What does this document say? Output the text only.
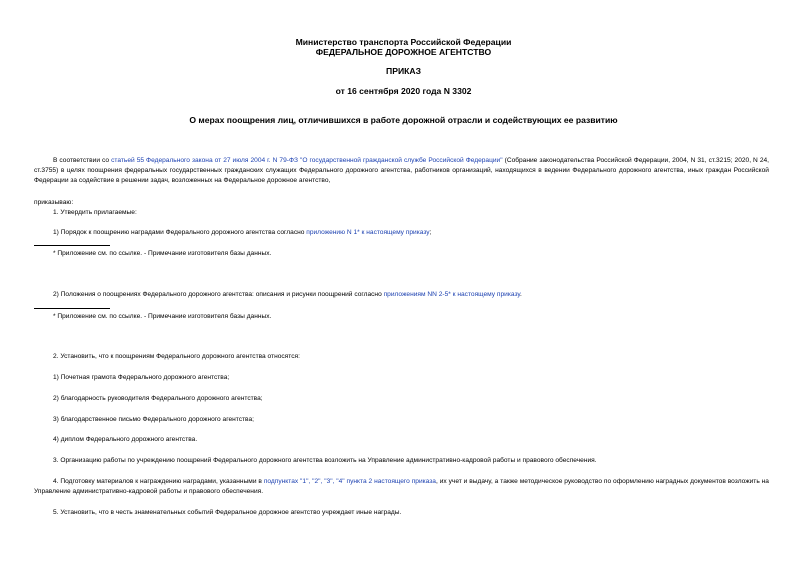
Министерство транспорта Российской Федерации
ФЕДЕРАЛЬНОЕ ДОРОЖНОЕ АГЕНТСТВО
ПРИКАЗ
от 16 сентября 2020 года N 3302
О мерах поощрения лиц, отличившихся в работе дорожной отрасли и содействующих ее развитию

В соответствии со статьей 55 Федерального закона от 27 июля 2004 г. N 79-ФЗ "О государственной гражданской службе Российской Федерации" (Собрание законодательства Российской Федерации, 2004, N 31, ст.3215; 2020, N 24, ст.3755) в целях поощрения федеральных государственных гражданских служащих Федерального дорожного агентства, работников организаций, находящихся в ведении Федерального дорожного агентства, иных граждан Российской Федерации за содействие в решении задач, возложенных на Федеральное дорожное агентство,

приказываю:

1. Утвердить прилагаемые:

1) Порядок к поощрению наградами Федерального дорожного агентства согласно приложению N 1* к настоящему приказу;

* Приложение см. по ссылке. - Примечание изготовителя базы данных.

2) Положения о поощрениях Федерального дорожного агентства: описания и рисунки поощрений согласно приложениям NN 2-5* к настоящему приказу.

* Приложение см. по ссылке. - Примечание изготовителя базы данных.

2. Установить, что к поощрениям Федерального дорожного агентства относятся:

1) Почетная грамота Федерального дорожного агентства;

2) благодарность руководителя Федерального дорожного агентства;

3) благодарственное письмо Федерального дорожного агентства;

4) диплом Федерального дорожного агентства.

3. Организацию работы по учреждению поощрений Федерального дорожного агентства возложить на Управление административно-кадровой работы и правового обеспечения.

4. Подготовку материалов к награждению наградами, указанными в подпунктах "1", "2", "3", "4" пункта 2 настоящего приказа, их учет и выдачу, а также методическое руководство по оформлению наградных документов возложить на Управление административно-кадровой работы и правового обеспечения.

5. Установить, что в честь знаменательных событий Федеральное дорожное агентство учреждает иные награды.
